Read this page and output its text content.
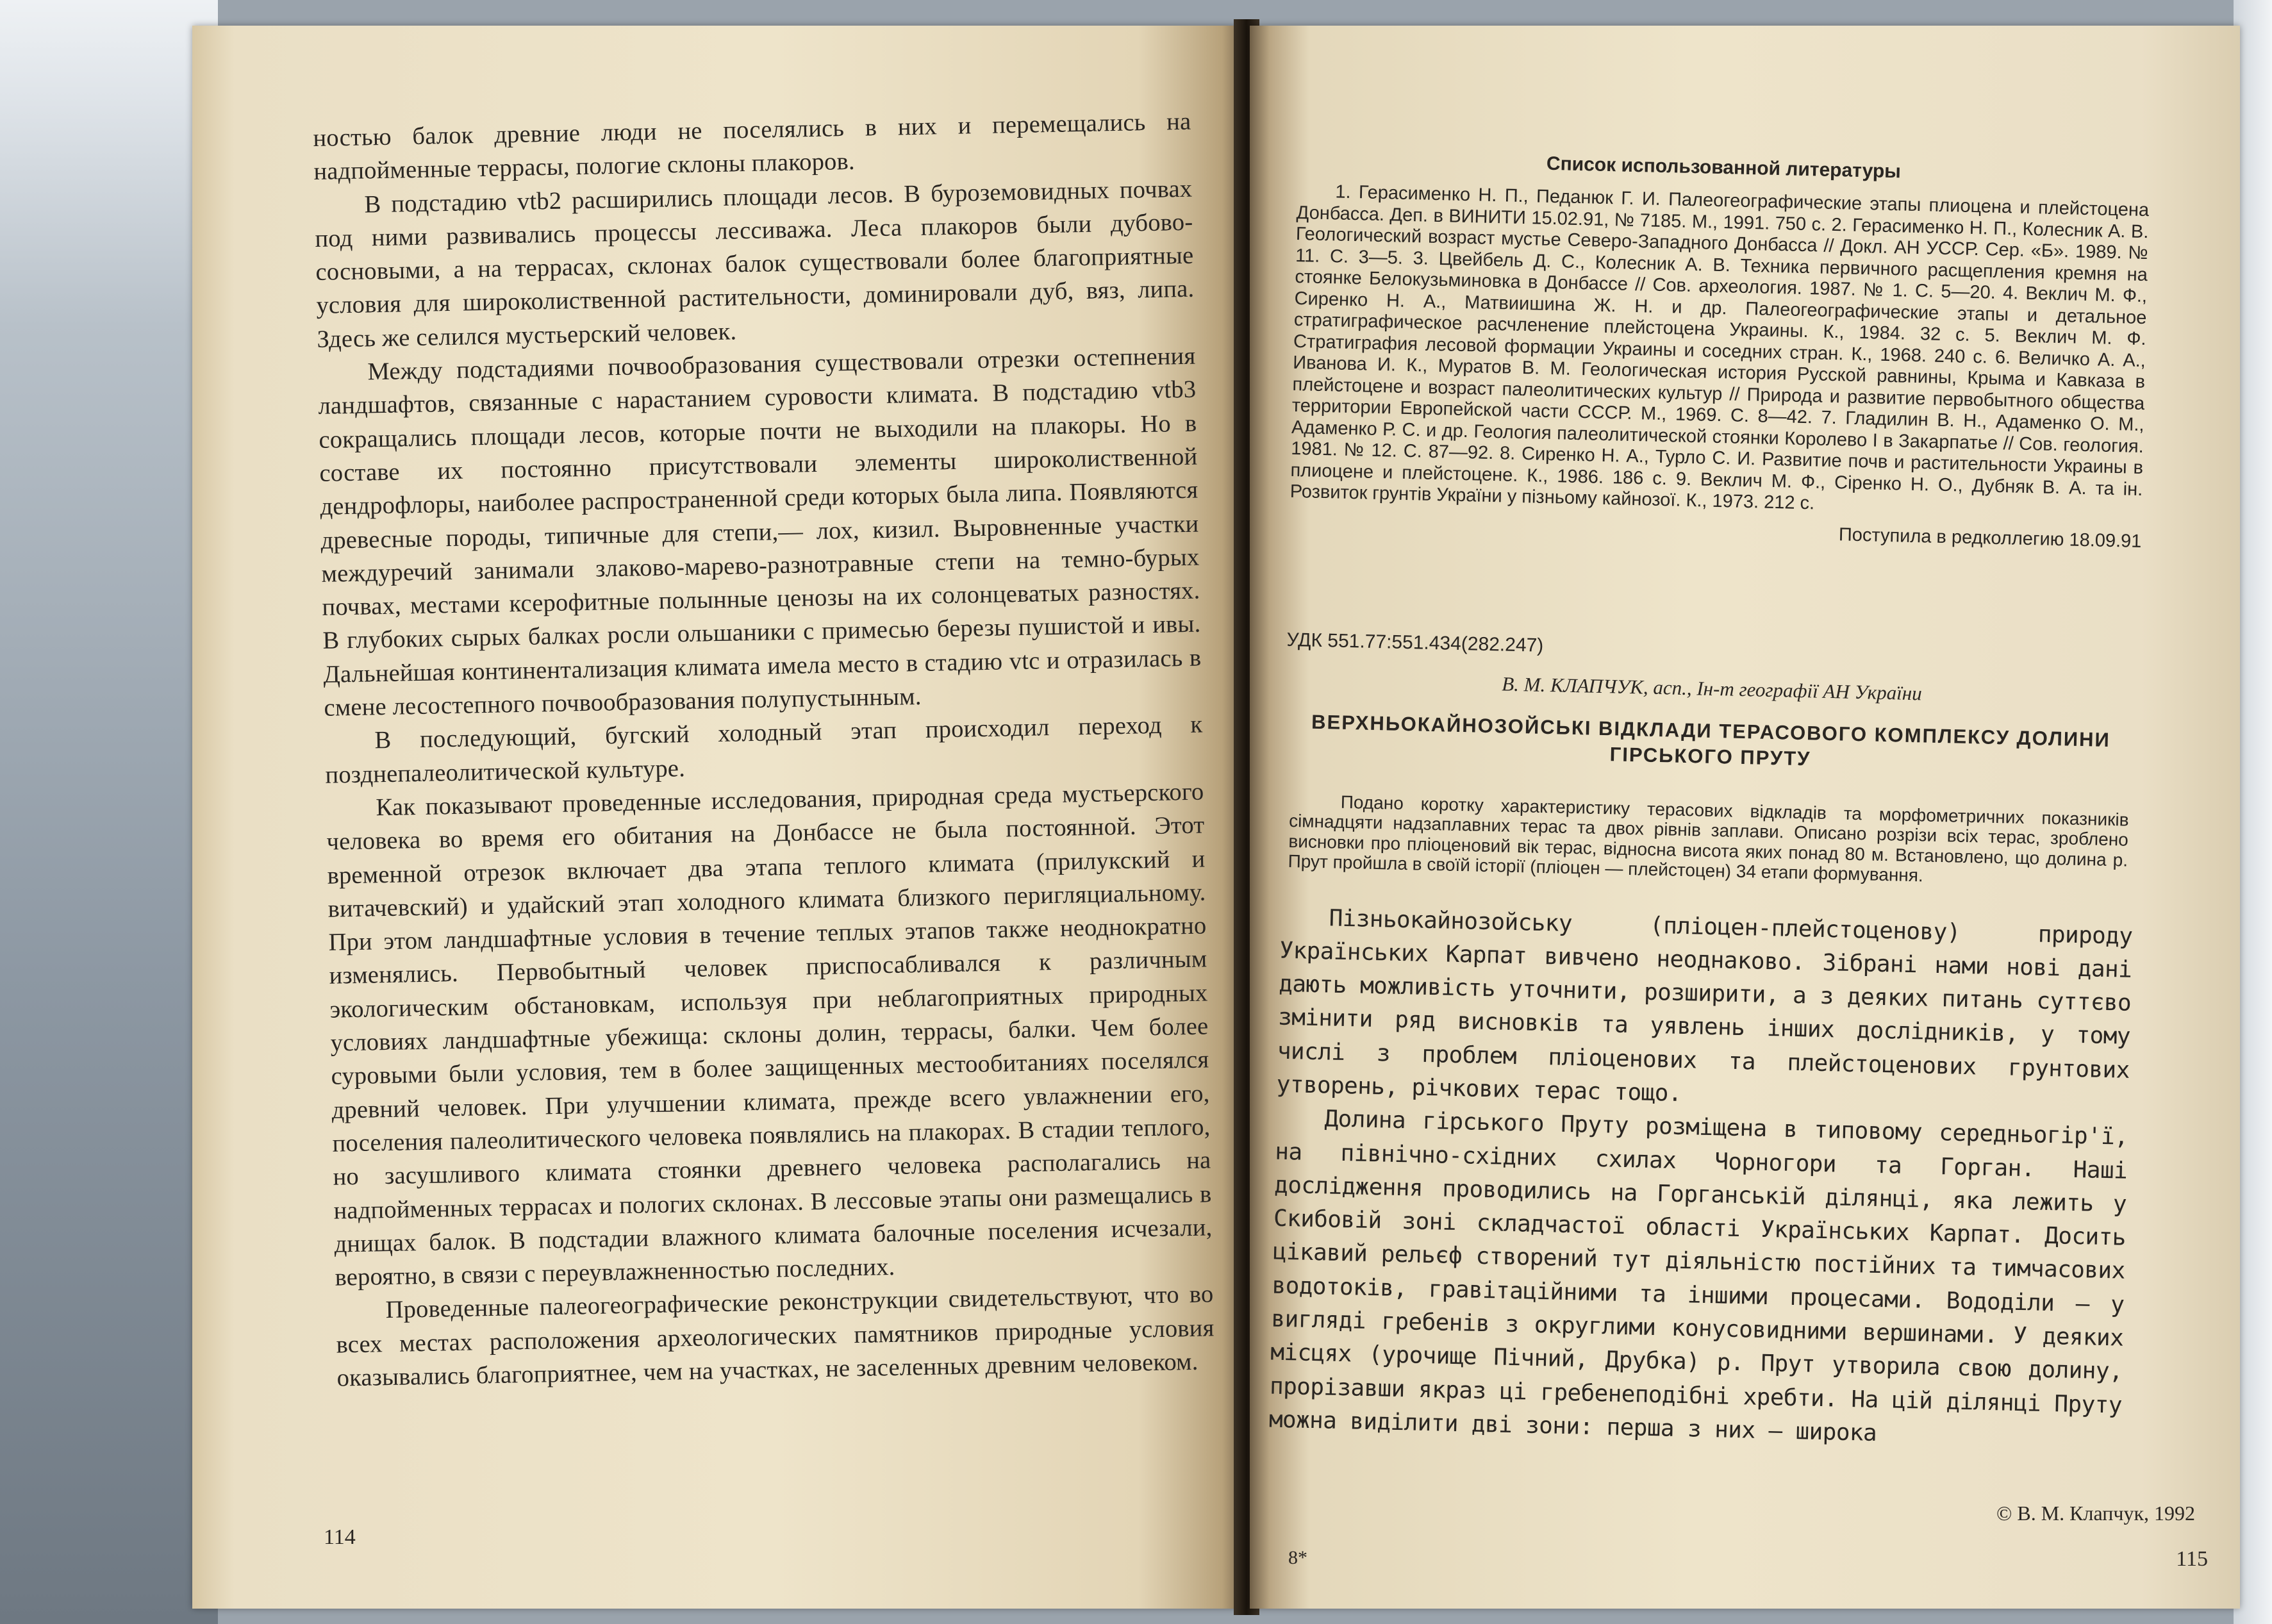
ностью балок древние люди не поселялись в них и перемещались на надпойменные террасы, пологие склоны плакоров.

В подстадию vtb2 расширились площади лесов. В буроземовидных почвах под ними развивались процессы лессиважа. Леса плакоров были дубово-сосновыми, а на террасах, склонах балок существовали более благоприятные условия для широколиственной растительности, доминировали дуб, вяз, липа. Здесь же селился мустьерский человек.

Между подстадиями почвообразования существовали отрезки остепнения ландшафтов, связанные с нарастанием суровости климата. В подстадию vtb3 сокращались площади лесов, которые почти не выходили на плакоры. Но в составе их постоянно присутствовали элементы широколиственной дендрофлоры, наиболее распространенной среди которых была липа. Появляются древесные породы, типичные для степи,— лох, кизил. Выровненные участки междуречий занимали злаково-марево-разнотравные степи на темно-бурых почвах, местами ксерофитные полынные ценозы на их солонцеватых разностях. В глубоких сырых балках росли ольшаники с примесью березы пушистой и ивы. Дальнейшая континентализация климата имела место в стадию vtc и отразилась в смене лесостепного почвообразования полупустынным.

В последующий, бугский холодный этап происходил переход к позднепалеолитической культуре.

Как показывают проведенные исследования, природная среда мустьерского человека во время его обитания на Донбассе не была постоянной. Этот временной отрезок включает два этапа теплого климата (прилукский и витачевский) и удайский этап холодного климата близкого перигляциальному. При этом ландшафтные условия в течение теплых этапов также неоднократно изменялись. Первобытный человек приспосабливался к различным экологическим обстановкам, используя при неблагоприятных природных условиях ландшафтные убежища: склоны долин, террасы, балки. Чем более суровыми были условия, тем в более защищенных местообитаниях поселялся древний человек. При улучшении климата, прежде всего увлажнении его, поселения палеолитического человека появлялись на плакорах. В стадии теплого, но засушливого климата стоянки древнего человека располагались на надпойменных террасах и пологих склонах. В лессовые этапы они размещались в днищах балок. В подстадии влажного климата балочные поселения исчезали, вероятно, в связи с переувлажненностью последних.

Проведенные палеогеографические реконструкции свидетельствуют, что во всех местах расположения археологических памятников природные условия оказывались благоприятнее, чем на участках, не заселенных древним человеком.

114

Список использованной литературы

1. Герасименко Н. П., Педанюк Г. И. Палеогеографические этапы плиоцена и плейстоцена Донбасса. Деп. в ВИНИТИ 15.02.91, № 7185. М., 1991. 750 с. 2. Герасименко Н. П., Колесник А. В. Геологический возраст мустье Северо-Западного Донбасса // Докл. АН УССР. Сер. «Б». 1989. № 11. С. 3—5. 3. Цвейбель Д. С., Колесник А. В. Техника первичного расщепления кремня на стоянке Белокузьминовка в Донбассе // Сов. археология. 1987. № 1. С. 5—20. 4. Веклич М. Ф., Сиренко Н. А., Матвиишина Ж. Н. и др. Палеогеографические этапы и детальное стратиграфическое расчленение плейстоцена Украины. К., 1984. 32 с. 5. Веклич М. Ф. Стратиграфия лесовой формации Украины и соседних стран. К., 1968. 240 с. 6. Величко А. А., Иванова И. К., Муратов В. М. Геологическая история Русской равнины, Крыма и Кавказа в плейстоцене и возраст палеолитических культур // Природа и развитие первобытного общества территории Европейской части СССР. М., 1969. С. 8—42. 7. Гладилин В. Н., Адаменко О. М., Адаменко Р. С. и др. Геология палеолитической стоянки Королево I в Закарпатье // Сов. геология. 1981. № 12. С. 87—92. 8. Сиренко Н. А., Турло С. И. Развитие почв и растительности Украины в плиоцене и плейстоцене. К., 1986. 186 с. 9. Веклич М. Ф., Сіренко Н. О., Дубняк В. А. та ін. Розвиток грунтів України у пізньому кайнозої. К., 1973. 212 с.

Поступила в редколлегию 18.09.91

УДК 551.77:551.434(282.247)

В. М. КЛАПЧУК, асп., Ін-т географії АН України

ВЕРХНЬОКАЙНОЗОЙСЬКІ ВІДКЛАДИ ТЕРАСОВОГО КОМПЛЕКСУ ДОЛИНИ ГІРСЬКОГО ПРУТУ

Подано коротку характеристику терасових відкладів та морфометричних показників сімнадцяти надзаплавних терас та двох рівнів заплави. Описано розрізи всіх терас, зроблено висновки про пліоценовий вік терас, відносна висота яких понад 80 м. Встановлено, що долина р. Прут пройшла в своїй історії (пліоцен — плейстоцен) 34 етапи формування.

Пізньокайнозойську (пліоцен-плейстоценову) природу Українських Карпат вивчено неоднаково. Зібрані нами нові дані дають можливість уточнити, розширити, а з деяких питань суттєво змінити ряд висновків та уявлень інших дослідників, у тому числі з проблем пліоценових та плейстоценових грунтових утворень, річкових терас тощо.

Долина гірського Пруту розміщена в типовому середньогір'ї, на північно-східних схилах Чорногори та Горган. Наші дослідження проводились на Горганській ділянці, яка лежить у Скибовій зоні складчастої області Українських Карпат. Досить цікавий рельєф створений тут діяльністю постійних та тимчасових водотоків, гравітаційними та іншими процесами. Вододіли — у вигляді гребенів з округлими конусовидними вершинами. У деяких місцях (урочище Пічний, Друбка) р. Прут утворила свою долину, прорізавши якраз ці гребенеподібні хребти. На цій ділянці Пруту можна виділити дві зони: перша з них — широка

© В. М. Клапчук, 1992
8*	115
